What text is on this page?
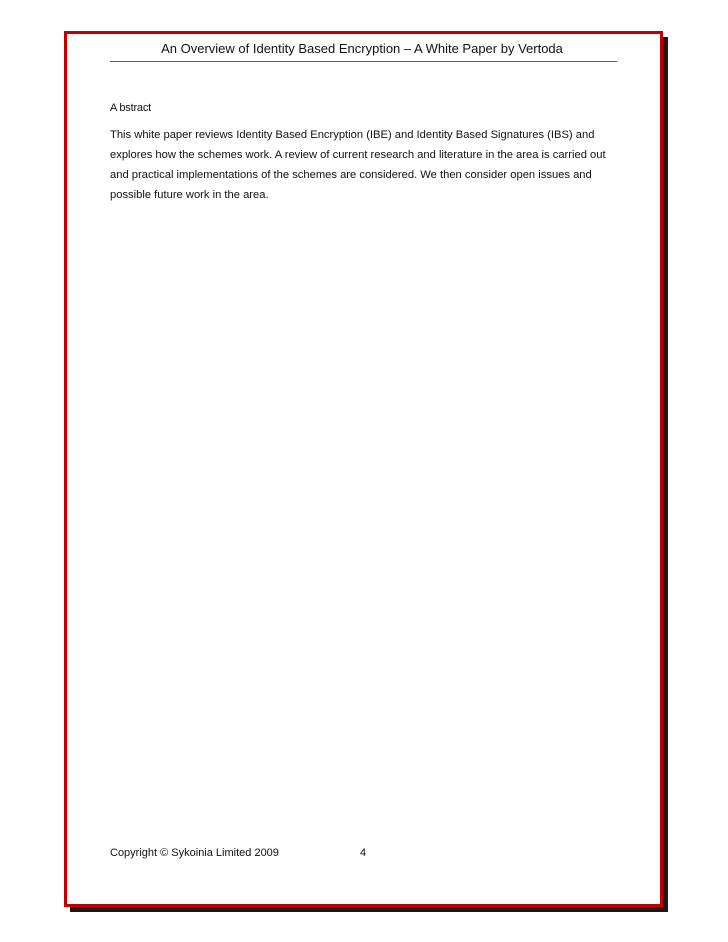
An Overview of Identity Based Encryption – A White Paper by Vertoda
A bstract

This white paper reviews Identity Based Encryption (IBE) and Identity Based Signatures (IBS) and explores how the schemes work. A review of current research and literature in the area is carried out and practical implementations of the schemes are considered. We then consider open issues and possible future work in the area.

Copyright © Sykoinia Limited 2009	4
